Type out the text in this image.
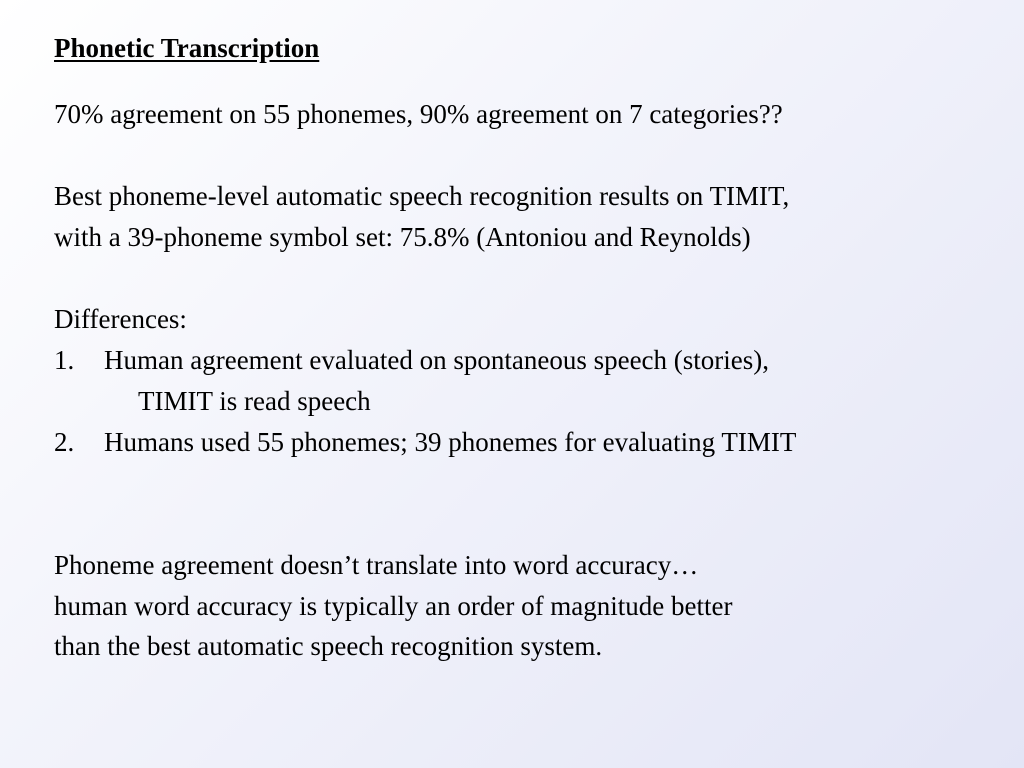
Phonetic Transcription
70% agreement on 55 phonemes, 90% agreement on 7 categories??
Best phoneme-level automatic speech recognition results on TIMIT,
with a 39-phoneme symbol set: 75.8% (Antoniou and Reynolds)
Differences:
1. Human agreement evaluated on spontaneous speech (stories),
TIMIT is read speech
2. Humans used 55 phonemes; 39 phonemes for evaluating TIMIT
Phoneme agreement doesn’t translate into word accuracy…
human word accuracy is typically an order of magnitude better
than the best automatic speech recognition system.
